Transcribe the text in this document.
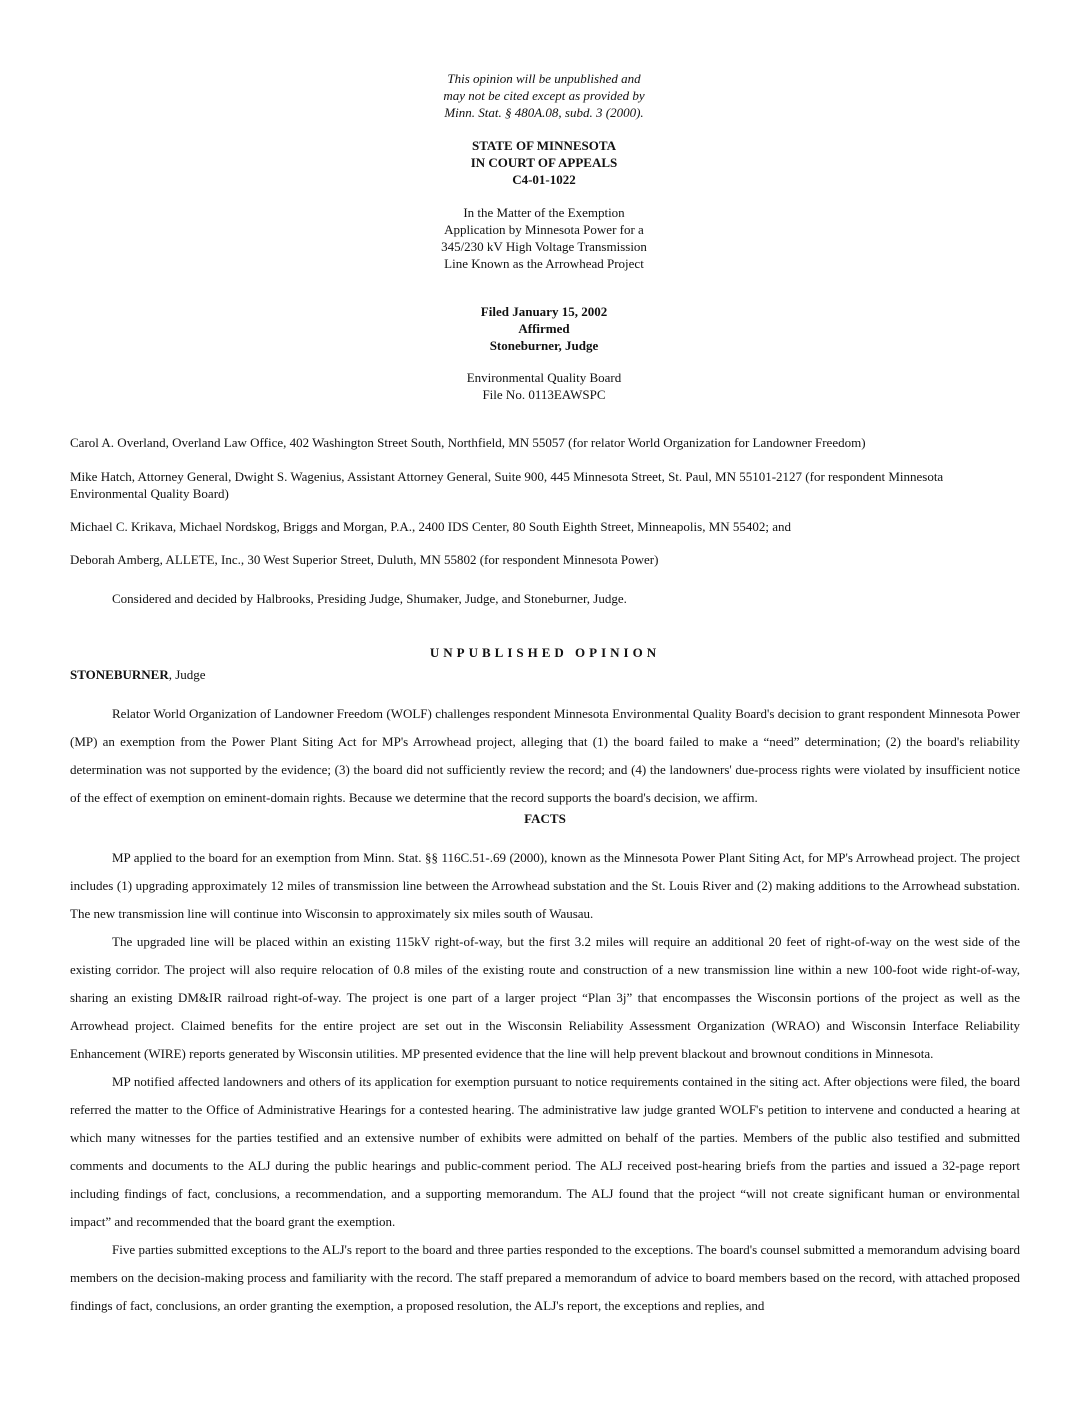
This opinion will be unpublished and
may not be cited except as provided by
Minn. Stat. § 480A.08, subd. 3 (2000).
STATE OF MINNESOTA
IN COURT OF APPEALS
C4-01-1022
In the Matter of the Exemption
Application by Minnesota Power for a
345/230 kV High Voltage Transmission
Line Known as the Arrowhead Project
Filed January 15, 2002
Affirmed
Stoneburner, Judge
Environmental Quality Board
File No. 0113EAWSPC
Carol A. Overland, Overland Law Office, 402 Washington Street South, Northfield, MN 55057 (for relator World Organization for Landowner Freedom)
Mike Hatch, Attorney General, Dwight S. Wagenius, Assistant Attorney General, Suite 900, 445 Minnesota Street, St. Paul, MN 55101-2127 (for respondent Minnesota Environmental Quality Board)
Michael C. Krikava, Michael Nordskog, Briggs and Morgan, P.A., 2400 IDS Center, 80 South Eighth Street, Minneapolis, MN 55402; and
Deborah Amberg, ALLETE, Inc., 30 West Superior Street, Duluth, MN 55802 (for respondent Minnesota Power)
Considered and decided by Halbrooks, Presiding Judge, Shumaker, Judge, and Stoneburner, Judge.
UNPUBLISHED OPINION
STONEBURNER, Judge

Relator World Organization of Landowner Freedom (WOLF) challenges respondent Minnesota Environmental Quality Board's decision to grant respondent Minnesota Power (MP) an exemption from the Power Plant Siting Act for MP's Arrowhead project, alleging that (1) the board failed to make a “need” determination; (2) the board's reliability determination was not supported by the evidence; (3) the board did not sufficiently review the record; and (4) the landowners' due-process rights were violated by insufficient notice of the effect of exemption on eminent-domain rights. Because we determine that the record supports the board's decision, we affirm.

FACTS

MP applied to the board for an exemption from Minn. Stat. §§ 116C.51-.69 (2000), known as the Minnesota Power Plant Siting Act, for MP's Arrowhead project. The project includes (1) upgrading approximately 12 miles of transmission line between the Arrowhead substation and the St. Louis River and (2) making additions to the Arrowhead substation. The new transmission line will continue into Wisconsin to approximately six miles south of Wausau.

The upgraded line will be placed within an existing 115kV right-of-way, but the first 3.2 miles will require an additional 20 feet of right-of-way on the west side of the existing corridor. The project will also require relocation of 0.8 miles of the existing route and construction of a new transmission line within a new 100-foot wide right-of-way, sharing an existing DM&IR railroad right-of-way. The project is one part of a larger project “Plan 3j” that encompasses the Wisconsin portions of the project as well as the Arrowhead project. Claimed benefits for the entire project are set out in the Wisconsin Reliability Assessment Organization (WRAO) and Wisconsin Interface Reliability Enhancement (WIRE) reports generated by Wisconsin utilities. MP presented evidence that the line will help prevent blackout and brownout conditions in Minnesota.

MP notified affected landowners and others of its application for exemption pursuant to notice requirements contained in the siting act. After objections were filed, the board referred the matter to the Office of Administrative Hearings for a contested hearing. The administrative law judge granted WOLF's petition to intervene and conducted a hearing at which many witnesses for the parties testified and an extensive number of exhibits were admitted on behalf of the parties. Members of the public also testified and submitted comments and documents to the ALJ during the public hearings and public-comment period. The ALJ received post-hearing briefs from the parties and issued a 32-page report including findings of fact, conclusions, a recommendation, and a supporting memorandum. The ALJ found that the project “will not create significant human or environmental impact” and recommended that the board grant the exemption.

Five parties submitted exceptions to the ALJ's report to the board and three parties responded to the exceptions. The board's counsel submitted a memorandum advising board members on the decision-making process and familiarity with the record. The staff prepared a memorandum of advice to board members based on the record, with attached proposed findings of fact, conclusions, an order granting the exemption, a proposed resolution, the ALJ's report, the exceptions and replies, and
